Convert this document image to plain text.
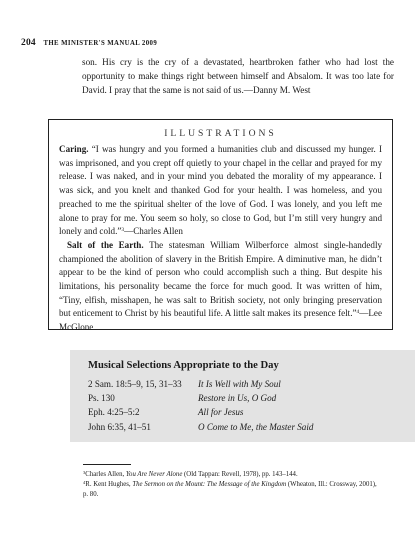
204 THE MINISTER'S MANUAL 2009

son. His cry is the cry of a devastated, heartbroken father who had lost the opportunity to make things right between himself and Absalom. It was too late for David. I pray that the same is not said of us.—Danny M. West

ILLUSTRATIONS

Caring. “I was hungry and you formed a humanities club and discussed my hunger. I was imprisoned, and you crept off quietly to your chapel in the cellar and prayed for my release. I was naked, and in your mind you debated the morality of my appearance. I was sick, and you knelt and thanked God for your health. I was homeless, and you preached to me the spiritual shelter of the love of God. I was lonely, and you left me alone to pray for me. You seem so holy, so close to God, but I’m still very hungry and lonely and cold.”$^3$—Charles Allen

Salt of the Earth. The statesman William Wilberforce almost single-handedly championed the abolition of slavery in the British Empire. A diminutive man, he didn’t appear to be the kind of person who could accomplish such a thing. But despite his limitations, his personality became the force for much good. It was written of him, “Tiny, elfish, misshapen, he was salt to British society, not only bringing preservation but enticement to Christ by his beautiful life. A little salt makes its presence felt.”$^4$—Lee McGlone

Musical Selections Appropriate to the Day
2 Sam. 18:5–9, 15, 31–33	It Is Well with My Soul
Ps. 130	Restore in Us, O God
Eph. 4:25–5:2	All for Jesus
John 6:35, 41–51	O Come to Me, the Master Said
$^3$Charles Allen, You Are Never Alone (Old Tappan: Revell, 1978), pp. 143–144.
$^4$R. Kent Hughes, The Sermon on the Mount: The Message of the Kingdom (Wheaton, Ill.: Crossway, 2001), p. 80.
